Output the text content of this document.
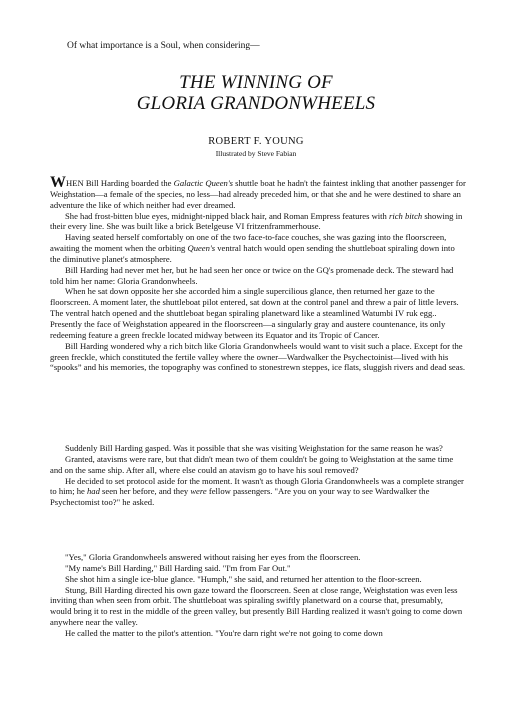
Of what importance is a Soul, when considering—
THE WINNING OF
GLORIA GRANDONWHEELS
ROBERT F. YOUNG
Illustrated by Steve Fabian

WHEN Bill Harding boarded the Galactic Queen's shuttle boat he hadn't the faintest inkling that another passenger for Weighstation—a female of the species, no less—had already preceded him, or that she and he were destined to share an adventure the like of which neither had ever dreamed.

She had frost-bitten blue eyes, midnight-nipped black hair, and Roman Empress features with rich bitch showing in their every line. She was built like a brick Betelgeuse VI fritzenframmerhouse.

Having seated herself comfortably on one of the two face-to-face couches, she was gazing into the floorscreen, awaiting the moment when the orbiting Queen's ventral hatch would open sending the shuttleboat spiraling down into the diminutive planet's atmosphere.

Bill Harding had never met her, but he had seen her once or twice on the GQ's promenade deck. The steward had told him her name: Gloria Grandonwheels.

When he sat down opposite her she accorded him a single supercilious glance, then returned her gaze to the floorscreen. A moment later, the shuttleboat pilot entered, sat down at the control panel and threw a pair of little levers. The ventral hatch opened and the shuttleboat began spiraling planetward like a steamlined Watumbi IV ruk egg.. Presently the face of Weighstation appeared in the floorscreen—a singularly gray and austere countenance, its only redeeming feature a green freckle located midway between its Equator and its Tropic of Cancer.

Bill Harding wondered why a rich bitch like Gloria Grandonwheels would want to visit such a place. Except for the green freckle, which constituted the fertile valley where the owner—Wardwalker the Psychectoinist—lived with his “spooks” and his memories, the topography was confined to stonestrewn steppes, ice flats, sluggish rivers and dead seas.

Suddenly Bill Harding gasped. Was it possible that she was visiting Weighstation for the same reason he was?

Granted, atavisms were rare, but that didn't mean two of them couldn't be going to Weighstation at the same time and on the same ship. After all, where else could an atavism go to have his soul removed?

He decided to set protocol aside for the moment. It wasn't as though Gloria Grandonwheels was a complete stranger to him; he had seen her before, and they were fellow passengers. "Are you on your way to see Wardwalker the Psychectomist too?" he asked.

"Yes," Gloria Grandonwheels answered without raising her eyes from the floorscreen.

"My name's Bill Harding," Bill Harding said. "I'm from Far Out."

She shot him a single ice-blue glance. "Humph," she said, and returned her attention to the floor-screen.

Stung, Bill Harding directed his own gaze toward the floorscreen. Seen at close range, Weighstation was even less inviting than when seen from orbit. The shuttleboat was spiraling swiftly planetward on a course that, presumably, would bring it to rest in the middle of the green valley, but presently Bill Harding realized it wasn't going to come down anywhere near the valley.

He called the matter to the pilot's attention. "You're darn right we're not going to come down
